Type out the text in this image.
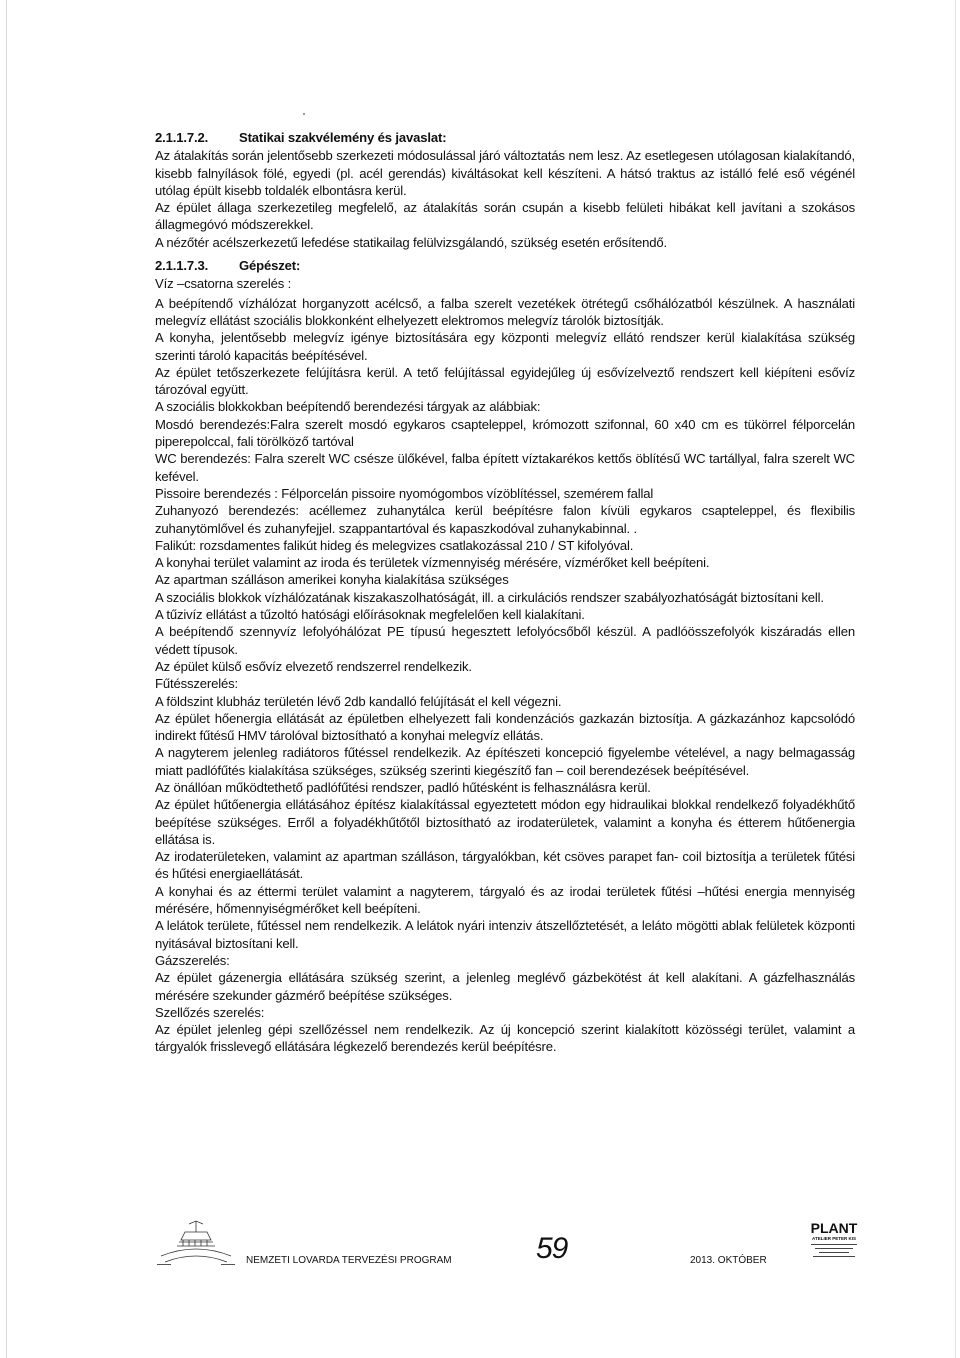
2.1.1.7.2. Statikai szakvélemény és javaslat:

Az átalakítás során jelentősebb szerkezeti módosulással járó változtatás nem lesz. Az esetlegesen utólagosan kialakítandó, kisebb falnyílások fölé, egyedi (pl. acél gerendás) kiváltásokat kell készíteni. A hátsó traktus az istálló felé eső végénél utólag épült kisebb toldalék elbontásra kerül.

Az épület állaga szerkezetileg megfelelő, az átalakítás során csupán a kisebb felületi hibákat kell javítani a szokásos állagmegóvó módszerekkel.

A nézőtér acélszerkezetű lefedése statikailag felülvizsgálandó, szükség esetén erősítendő.

2.1.1.7.3. Gépészet:

Víz –csatorna szerelés :

A beépítendő vízhálózat horganyzott acélcső, a falba szerelt vezetékek ötrétegű csőhálózatból készülnek. A használati melegvíz ellátást szociális blokkonként elhelyezett elektromos melegvíz tárolók biztosítják.

A konyha, jelentősebb melegvíz igénye biztosítására egy központi melegvíz ellátó rendszer kerül kialakítása szükség szerinti tároló kapacitás beépítésével.

Az épület tetőszerkezete felújításra kerül. A tető felújítással egyidejűleg új esővízelveztő rendszert kell kiépíteni esővíz tározóval együtt.

A szociális blokkokban beépítendő berendezési tárgyak az alábbiak:

Mosdó berendezés:Falra szerelt mosdó egykaros csapteleppel, krómozott szifonnal, 60 x40 cm es tükörrel félporcelán piperepolccal, fali törölköző tartóval

WC berendezés: Falra szerelt WC csésze ülőkével, falba épített víztakarékos kettős öblítésű WC tartállyal, falra szerelt WC kefével.

Pissoire berendezés : Félporcelán pissoire nyomógombos vízöblítéssel, szemérem fallal

Zuhanyozó berendezés: acéllemez zuhanytálca kerül beépítésre falon kívüli egykaros csapteleppel, és flexibilis zuhanytömlővel és zuhanyfejjel. szappantartóval és kapaszkodóval zuhanykabinnal. .

Falikút: rozsdamentes falikút hideg és melegvizes csatlakozással 210 / ST kifolyóval.

A konyhai terület valamint az iroda és területek vízmennyiség mérésére, vízmérőket kell beépíteni.

Az apartman szálláson amerikei konyha kialakítása szükséges

A szociális blokkok vízhálózatának kiszakaszolhatóságát, ill. a cirkulációs rendszer szabályozhatóságát biztosítani kell.

A tűzivíz ellátást a tűzoltó hatósági előírásoknak megfelelően kell kialakítani.

A beépítendő szennyvíz lefolyóhálózat PE típusú hegesztett lefolyócsőből készül. A padlóösszefolyók kiszáradás ellen védett típusok.

Az épület külső esővíz elvezető rendszerrel rendelkezik.

Fűtésszerelés:

A földszint klubház területén lévő 2db kandalló felújítását el kell végezni.

Az épület hőenergia ellátását az épületben elhelyezett fali kondenzációs gazkazán biztosítja. A gázkazánhoz kapcsolódó indirekt fűtésű HMV tárolóval biztosítható a konyhai melegvíz ellátás.

A nagyterem jelenleg radiátoros fűtéssel rendelkezik. Az építészeti koncepció figyelembe vételével, a nagy belmagasság miatt padlófűtés kialakítása szükséges, szükség szerinti kiegészítő fan – coil berendezések beépítésével.

Az önállóan működtethető padlófűtési rendszer, padló hűtésként is felhasználásra kerül.

Az épület hűtőenergia ellátásához építész kialakítással egyeztetett módon egy hidraulikai blokkal rendelkező folyadékhűtő beépítése szükséges. Erről a folyadékhűtőtől biztosítható az irodaterületek, valamint a konyha és étterem hűtőenergia ellátása is.

Az irodaterületeken, valamint az apartman szálláson, tárgyalókban, két csöves parapet fan- coil biztosítja a területek fűtési és hűtési energiaellátását.

A konyhai és az éttermi terület valamint a nagyterem, tárgyaló és az irodai területek fűtési –hűtési energia mennyiség mérésére, hőmennyiségmérőket kell beépíteni.

A lelátok területe, fűtéssel nem rendelkezik. A lelátok nyári intenziv átszellőztetését, a leláto mögötti ablak felületek központi nyitásával biztosítani kell.

Gázszerelés:

Az épület gázenergia ellátására szükség szerint, a jelenleg meglévő gázbekötést át kell alakítani. A gázfelhasználás mérésére szekunder gázmérő beépítése szükséges.

Szellőzés szerelés:

Az épület jelenleg gépi szellőzéssel nem rendelkezik. Az új koncepció szerint kialakított közösségi terület, valamint a tárgyalók frisslevegő ellátására légkezelő berendezés kerül beépítésre.

NEMZETI LOVARDA TERVEZÉSI PROGRAM	59	2013. OKTÓBER
PLANT
ATELIER PETER KIS
